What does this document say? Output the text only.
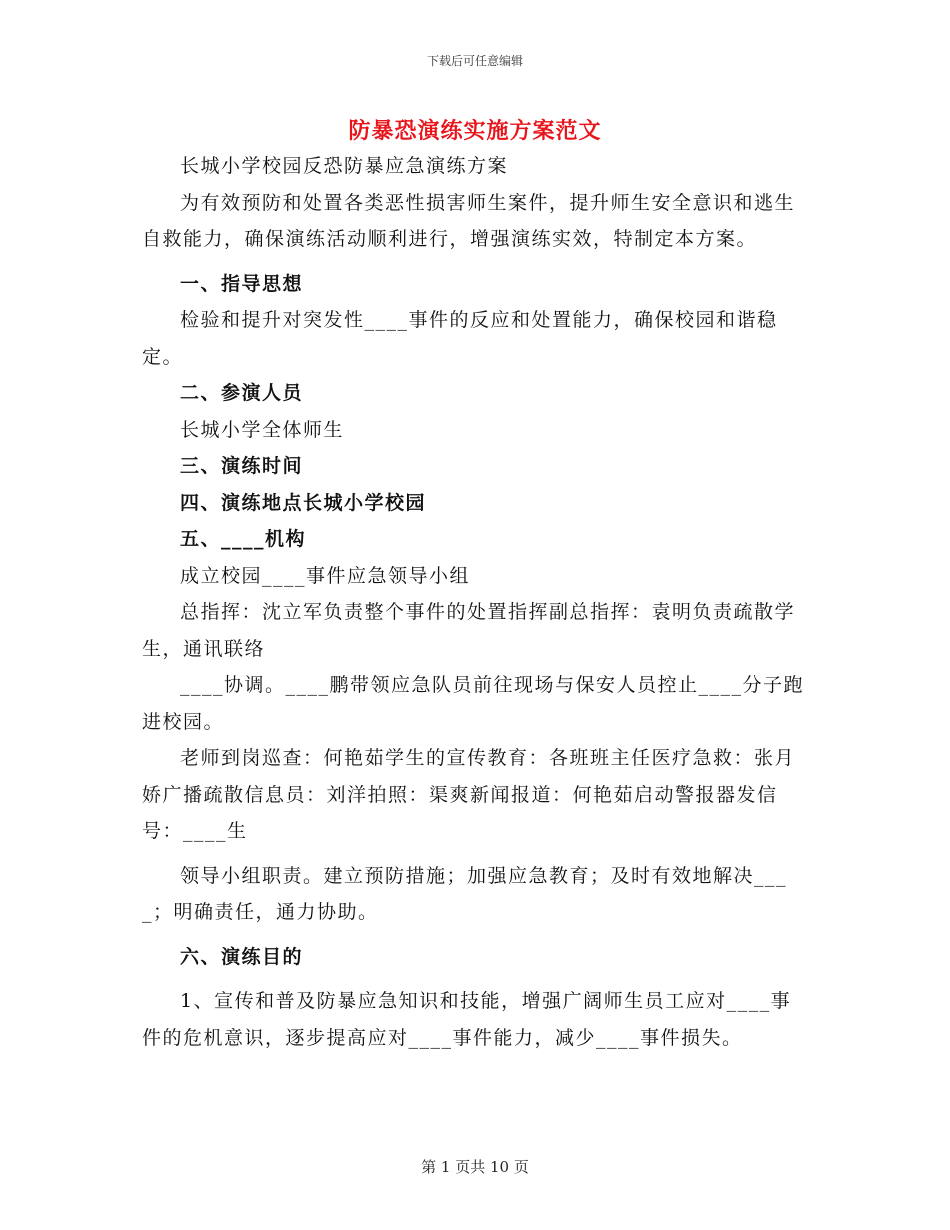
下载后可任意编辑
防暴恐演练实施方案范文

长城小学校园反恐防暴应急演练方案

为有效预防和处置各类恶性损害师生案件，提升师生安全意识和逃生自救能力，确保演练活动顺利进行，增强演练实效，特制定本方案。

一、指导思想

检验和提升对突发性____事件的反应和处置能力，确保校园和谐稳定。

二、参演人员

长城小学全体师生

三、演练时间

四、演练地点长城小学校园

五、____机构

成立校园____事件应急领导小组

总指挥：沈立军负责整个事件的处置指挥副总指挥：袁明负责疏散学生，通讯联络

____协调。____鹏带领应急队员前往现场与保安人员控止____分子跑进校园。

老师到岗巡查：何艳茹学生的宣传教育：各班班主任医疗急救：张月娇广播疏散信息员：刘洋拍照：渠爽新闻报道：何艳茹启动警报器发信号：____生

领导小组职责。建立预防措施；加强应急教育；及时有效地解决____；明确责任，通力协助。

六、演练目的

1、宣传和普及防暴应急知识和技能，增强广阔师生员工应对____事件的危机意识，逐步提高应对____事件能力，减少____事件损失。

第 1 页共 10 页
